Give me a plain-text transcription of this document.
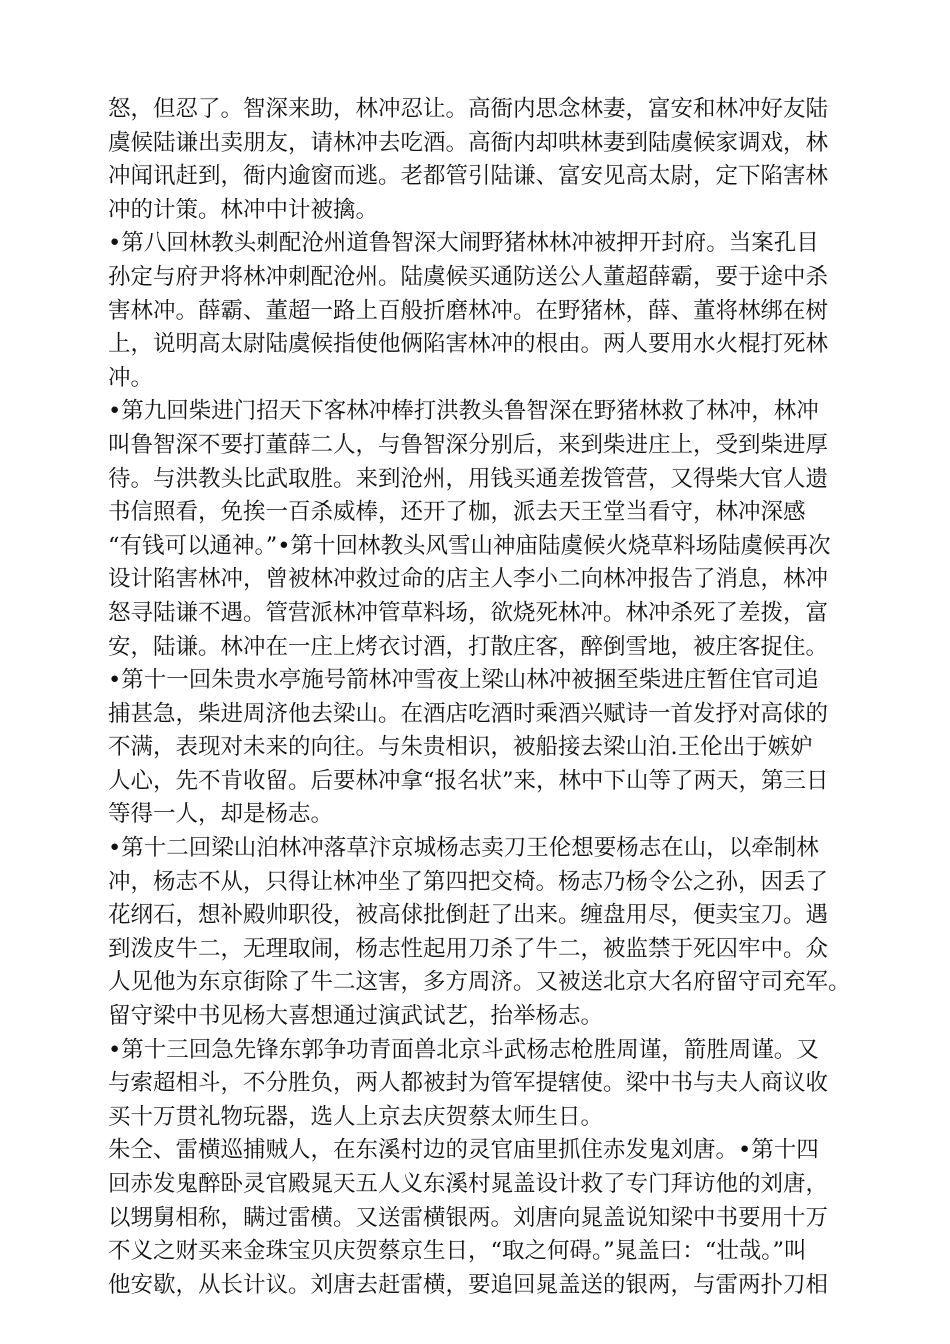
怒，但忍了。智深来助，林冲忍让。高衙内思念林妻，富安和林冲好友陆
虞候陆谦出卖朋友，请林冲去吃酒。高衙内却哄林妻到陆虞候家调戏，林
冲闻讯赶到，衙内逾窗而逃。老都管引陆谦、富安见高太尉，定下陷害林
冲的计策。林冲中计被擒。
•第八回林教头刺配沧州道鲁智深大闹野猪林林冲被押开封府。当案孔目
孙定与府尹将林冲刺配沧州。陆虞候买通防送公人董超薛霸，要于途中杀
害林冲。薛霸、董超一路上百般折磨林冲。在野猪林，薛、董将林绑在树
上，说明高太尉陆虞候指使他俩陷害林冲的根由。两人要用水火棍打死林
冲。
•第九回柴进门招天下客林冲棒打洪教头鲁智深在野猪林救了林冲，林冲
叫鲁智深不要打董薛二人，与鲁智深分别后，来到柴进庄上，受到柴进厚
待。与洪教头比武取胜。来到沧州，用钱买通差拨管营，又得柴大官人遗
书信照看，免挨一百杀威棒，还开了枷，派去天王堂当看守，林冲深感
“有钱可以通神。”•第十回林教头风雪山神庙陆虞候火烧草料场陆虞候再次
设计陷害林冲，曾被林冲救过命的店主人李小二向林冲报告了消息，林冲
怒寻陆谦不遇。管营派林冲管草料场，欲烧死林冲。林冲杀死了差拨，富
安，陆谦。林冲在一庄上烤衣讨酒，打散庄客，醉倒雪地，被庄客捉住。
•第十一回朱贵水亭施号箭林冲雪夜上梁山林冲被捆至柴进庄暂住官司追
捕甚急，柴进周济他去梁山。在酒店吃酒时乘酒兴赋诗一首发抒对高俅的
不满，表现对未来的向往。与朱贵相识，被船接去梁山泊.王伦出于嫉妒
人心，先不肯收留。后要林冲拿“报名状”来，林中下山等了两天，第三日
等得一人，却是杨志。
•第十二回梁山泊林冲落草汴京城杨志卖刀王伦想要杨志在山，以牵制林
冲，杨志不从，只得让林冲坐了第四把交椅。杨志乃杨令公之孙，因丢了
花纲石，想补殿帅职役，被高俅批倒赶了出来。缠盘用尽，便卖宝刀。遇
到泼皮牛二，无理取闹，杨志性起用刀杀了牛二，被监禁于死囚牢中。众
人见他为东京街除了牛二这害，多方周济。又被送北京大名府留守司充军。
留守梁中书见杨大喜想通过演武试艺，抬举杨志。
•第十三回急先锋东郭争功青面兽北京斗武杨志枪胜周谨，箭胜周谨。又
与索超相斗，不分胜负，两人都被封为管军提辖使。梁中书与夫人商议收
买十万贯礼物玩器，选人上京去庆贺蔡太师生日。
朱仝、雷横巡捕贼人，在东溪村边的灵官庙里抓住赤发鬼刘唐。•第十四
回赤发鬼醉卧灵官殿晁天五人义东溪村晁盖设计救了专门拜访他的刘唐，
以甥舅相称，瞒过雷横。又送雷横银两。刘唐向晁盖说知梁中书要用十万
不义之财买来金珠宝贝庆贺蔡京生日，“取之何碍。”晁盖曰：“壮哉。”叫
他安歇，从长计议。刘唐去赶雷横，要追回晁盖送的银两，与雷两扑刀相
